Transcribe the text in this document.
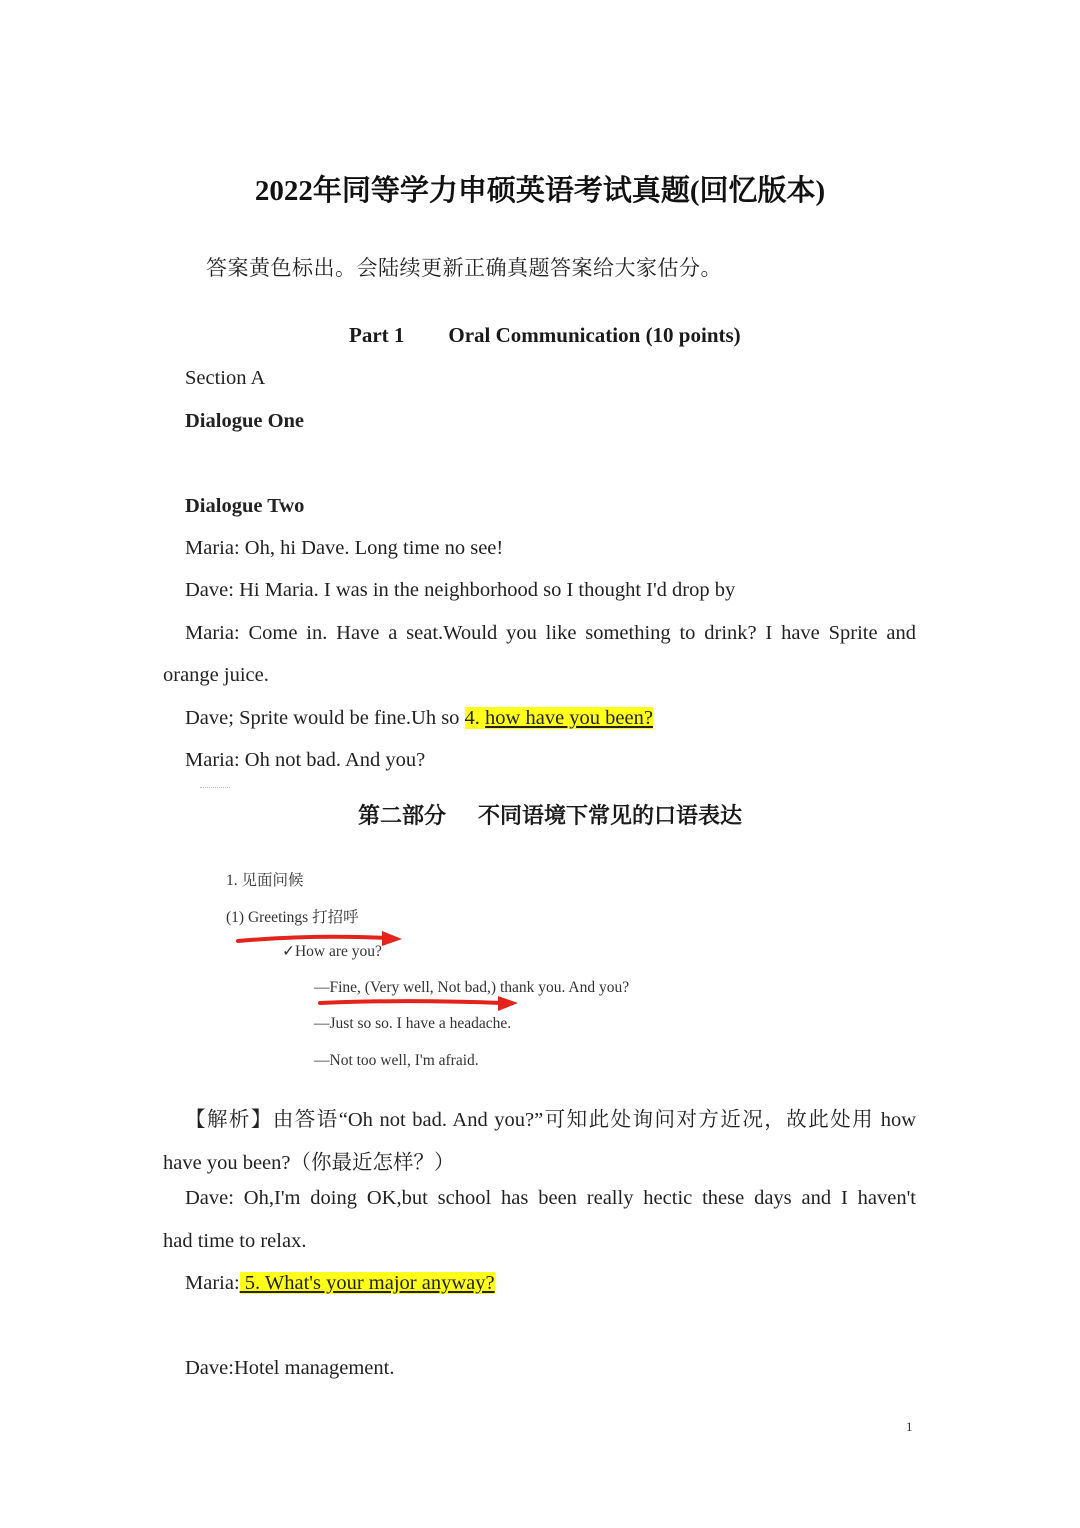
2022年同等学力申硕英语考试真题(回忆版本)
答案黄色标出。会陆续更新正确真题答案给大家估分。
Part 1 Oral Communication (10 points)
Section A
Dialogue One
Dialogue Two
Maria: Oh, hi Dave. Long time no see!
Dave: Hi Maria. I was in the neighborhood so I thought I'd drop by
Maria: Come in. Have a seat.Would you like something to drink? I have Sprite and
orange juice.
Dave; Sprite would be fine.Uh so 4. how have you been?
Maria: Oh not bad. And you?
第二部分 不同语境下常见的口语表达
1. 见面问候
(1) Greetings 打招呼
✓How are you?
—Fine, (Very well, Not bad,) thank you. And you?
—Just so so. I have a headache.
—Not too well, I'm afraid.
【解析】由答语“Oh not bad. And you?”可知此处询问对方近况，故此处用 how
have you been?（你最近怎样？）
Dave: Oh,I'm doing OK,but school has been really hectic these days and I haven't
had time to relax.
Maria: 5. What's your major anyway?
Dave:Hotel management.
1
